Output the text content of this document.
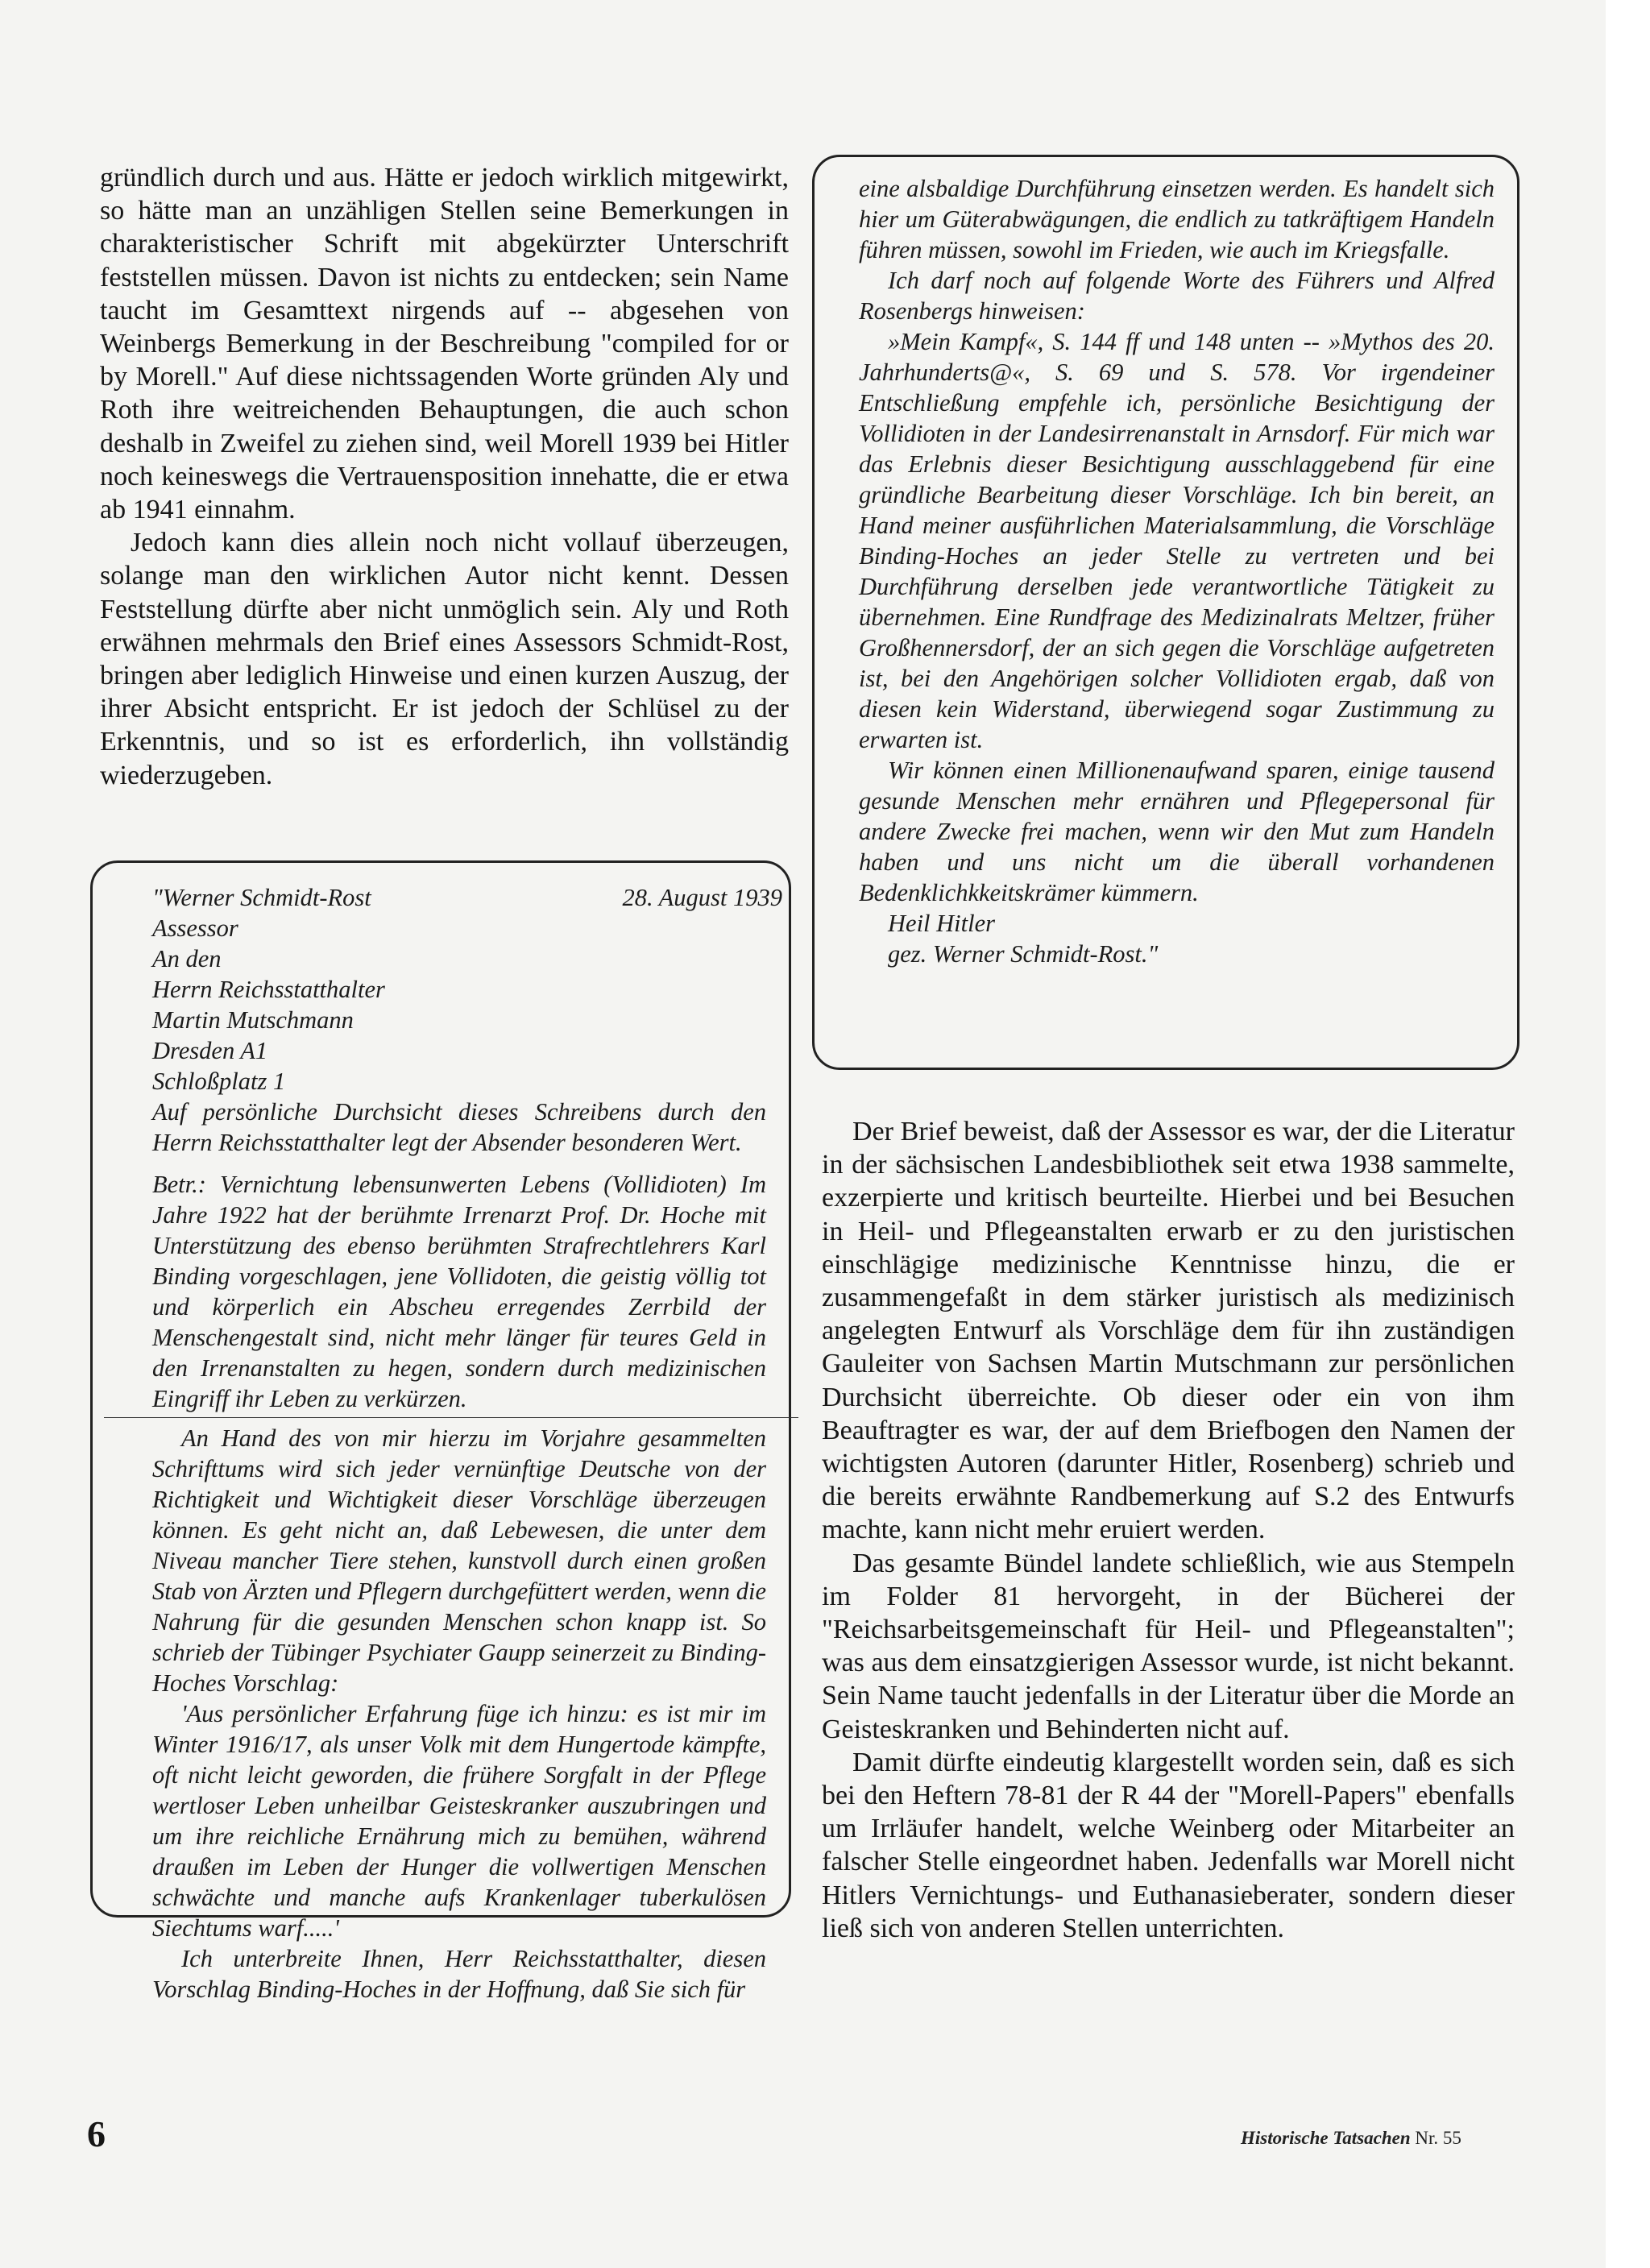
gründlich durch und aus. Hätte er jedoch wirklich mitgewirkt, so hätte man an unzähligen Stellen seine Bemerkungen in charakteristischer Schrift mit abgekürzter Unterschrift feststellen müssen. Davon ist nichts zu entdecken; sein Name taucht im Gesamttext nirgends auf -- abgesehen von Weinbergs Bemerkung in der Beschreibung "compiled for or by Morell." Auf diese nichtssagenden Worte gründen Aly und Roth ihre weitreichenden Behauptungen, die auch schon deshalb in Zweifel zu ziehen sind, weil Morell 1939 bei Hitler noch keineswegs die Vertrauensposition innehatte, die er etwa ab 1941 einnahm.

Jedoch kann dies allein noch nicht vollauf überzeugen, solange man den wirklichen Autor nicht kennt. Dessen Feststellung dürfte aber nicht unmöglich sein. Aly und Roth erwähnen mehrmals den Brief eines Assessors Schmidt-Rost, bringen aber lediglich Hinweise und einen kurzen Auszug, der ihrer Absicht entspricht. Er ist jedoch der Schlüsel zu der Erkenntnis, und so ist es erforderlich, ihn vollständig wiederzugeben.

"Werner Schmidt-Rost	28. August 1939

Assessor

An den

Herrn Reichsstatthalter

Martin Mutschmann

Dresden A1

Schloßplatz 1

Auf persönliche Durchsicht dieses Schreibens durch den Herrn Reichsstatthalter legt der Absender besonderen Wert.

Betr.: Vernichtung lebensunwerten Lebens (Vollidioten) Im Jahre 1922 hat der berühmte Irrenarzt Prof. Dr. Hoche mit Unterstützung des ebenso berühmten Strafrechtlehrers Karl Binding vorgeschlagen, jene Vollidoten, die geistig völlig tot und körperlich ein Abscheu erregendes Zerrbild der Menschengestalt sind, nicht mehr länger für teures Geld in den Irrenanstalten zu hegen, sondern durch medizinischen Eingriff ihr Leben zu verkürzen.

An Hand des von mir hierzu im Vorjahre gesammelten Schrifttums wird sich jeder vernünftige Deutsche von der Richtigkeit und Wichtigkeit dieser Vorschläge überzeugen können. Es geht nicht an, daß Lebewesen, die unter dem Niveau mancher Tiere stehen, kunstvoll durch einen großen Stab von Ärzten und Pflegern durchgefüttert werden, wenn die Nahrung für die gesunden Menschen schon knapp ist. So schrieb der Tübinger Psychiater Gaupp seinerzeit zu Binding-Hoches Vorschlag:

'Aus persönlicher Erfahrung füge ich hinzu: es ist mir im Winter 1916/17, als unser Volk mit dem Hungertode kämpfte, oft nicht leicht geworden, die frühere Sorgfalt in der Pflege wertloser Leben unheilbar Geisteskranker auszubringen und um ihre reichliche Ernährung mich zu bemühen, während draußen im Leben der Hunger die vollwertigen Menschen schwächte und manche aufs Krankenlager tuberkulösen Siechtums warf.....'

Ich unterbreite Ihnen, Herr Reichsstatthalter, diesen Vorschlag Binding-Hoches in der Hoffnung, daß Sie sich für

eine alsbaldige Durchführung einsetzen werden. Es handelt sich hier um Güterabwägungen, die endlich zu tatkräftigem Handeln führen müssen, sowohl im Frieden, wie auch im Kriegsfalle.

Ich darf noch auf folgende Worte des Führers und Alfred Rosenbergs hinweisen:

»Mein Kampf«, S. 144 ff und 148 unten -- »Mythos des 20. Jahrhunderts@«, S. 69 und S. 578. Vor irgendeiner Entschließung empfehle ich, persönliche Besichtigung der Vollidioten in der Landesirrenanstalt in Arnsdorf. Für mich war das Erlebnis dieser Besichtigung ausschlaggebend für eine gründliche Bearbeitung dieser Vorschläge. Ich bin bereit, an Hand meiner ausführlichen Materialsammlung, die Vorschläge Binding-Hoches an jeder Stelle zu vertreten und bei Durchführung derselben jede verantwortliche Tätigkeit zu übernehmen. Eine Rundfrage des Medizinalrats Meltzer, früher Großhennersdorf, der an sich gegen die Vorschläge aufgetreten ist, bei den Angehörigen solcher Vollidioten ergab, daß von diesen kein Widerstand, überwiegend sogar Zustimmung zu erwarten ist.

Wir können einen Millionenaufwand sparen, einige tausend gesunde Menschen mehr ernähren und Pflegepersonal für andere Zwecke frei machen, wenn wir den Mut zum Handeln haben und uns nicht um die überall vorhandenen Bedenklichkkeitskrämer kümmern.

Heil Hitler

gez. Werner Schmidt-Rost."

Der Brief beweist, daß der Assessor es war, der die Literatur in der sächsischen Landesbibliothek seit etwa 1938 sammelte, exzerpierte und kritisch beurteilte. Hierbei und bei Besuchen in Heil- und Pflegeanstalten erwarb er zu den juristischen einschlägige medizinische Kenntnisse hinzu, die er zusammengefaßt in dem stärker juristisch als medizinisch angelegten Entwurf als Vorschläge dem für ihn zuständigen Gauleiter von Sachsen Martin Mutschmann zur persönlichen Durchsicht überreichte. Ob dieser oder ein von ihm Beauftragter es war, der auf dem Briefbogen den Namen der wichtigsten Autoren (darunter Hitler, Rosenberg) schrieb und die bereits erwähnte Randbemerkung auf S.2 des Entwurfs machte, kann nicht mehr eruiert werden.

Das gesamte Bündel landete schließlich, wie aus Stempeln im Folder 81 hervorgeht, in der Bücherei der "Reichsarbeitsgemeinschaft für Heil- und Pflegeanstalten"; was aus dem einsatzgierigen Assessor wurde, ist nicht bekannt. Sein Name taucht jedenfalls in der Literatur über die Morde an Geisteskranken und Behinderten nicht auf.

Damit dürfte eindeutig klargestellt worden sein, daß es sich bei den Heftern 78-81 der R 44 der "Morell-Papers" ebenfalls um Irrläufer handelt, welche Weinberg oder Mitarbeiter an falscher Stelle eingeordnet haben. Jedenfalls war Morell nicht Hitlers Vernichtungs- und Euthanasieberater, sondern dieser ließ sich von anderen Stellen unterrichten.

6	Historische Tatsachen Nr. 55
